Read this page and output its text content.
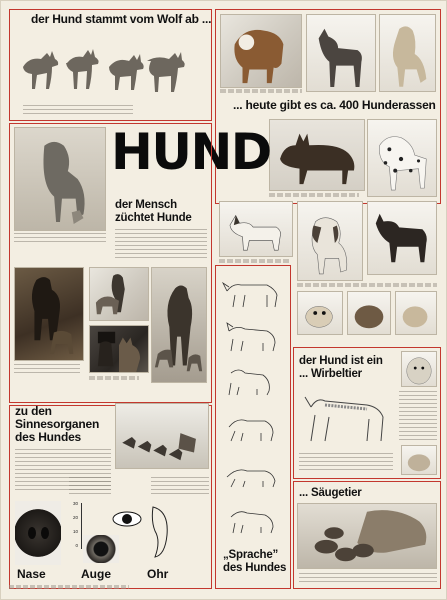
der Hund stammt vom Wolf ab ...
... heute gibt es ca. 400 Hunderassen
HUND
der Mensch
züchtet Hunde
zu den
Sinnesorganen
des Hundes
Nase
30
20
10
0
Auge	Ohr
„Sprache”
des Hundes
der Hund ist ein
... Wirbeltier
... Säugetier
